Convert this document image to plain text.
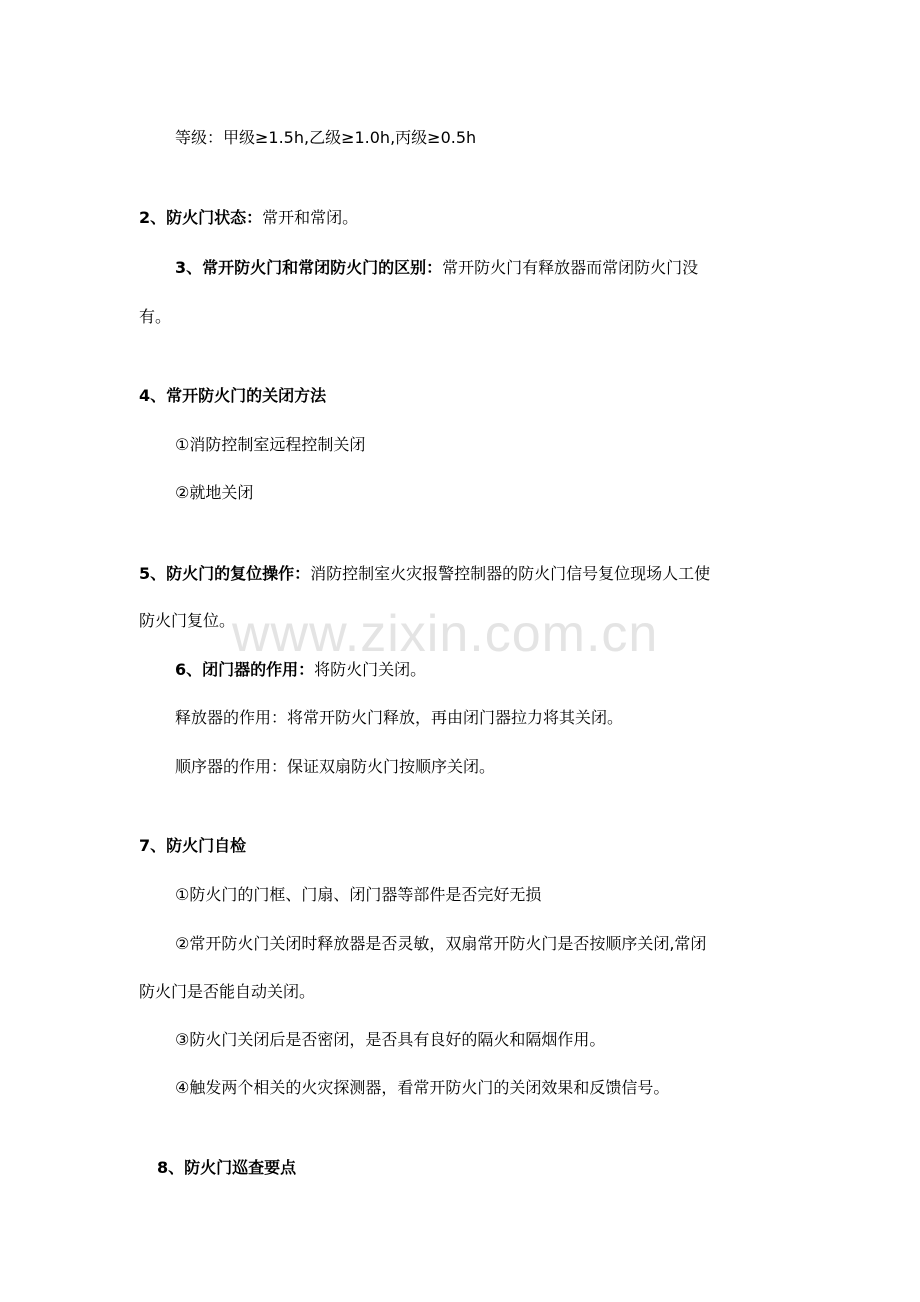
www.zixin.com.cn
等级：甲级≥1.5h,乙级≥1.0h,丙级≥0.5h
2、防火门状态：常开和常闭。
3、常开防火门和常闭防火门的区别：常开防火门有释放器而常闭防火门没
有。
4、常开防火门的关闭方法
①消防控制室远程控制关闭
②就地关闭
5、防火门的复位操作：消防控制室火灾报警控制器的防火门信号复位现场人工使
防火门复位。
6、闭门器的作用：将防火门关闭。
释放器的作用：将常开防火门释放，再由闭门器拉力将其关闭。
顺序器的作用：保证双扇防火门按顺序关闭。
7、防火门自检
①防火门的门框、门扇、闭门器等部件是否完好无损
②常开防火门关闭时释放器是否灵敏，双扇常开防火门是否按顺序关闭,常闭
防火门是否能自动关闭。
③防火门关闭后是否密闭，是否具有良好的隔火和隔烟作用。
④触发两个相关的火灾探测器，看常开防火门的关闭效果和反馈信号。
8、防火门巡查要点
